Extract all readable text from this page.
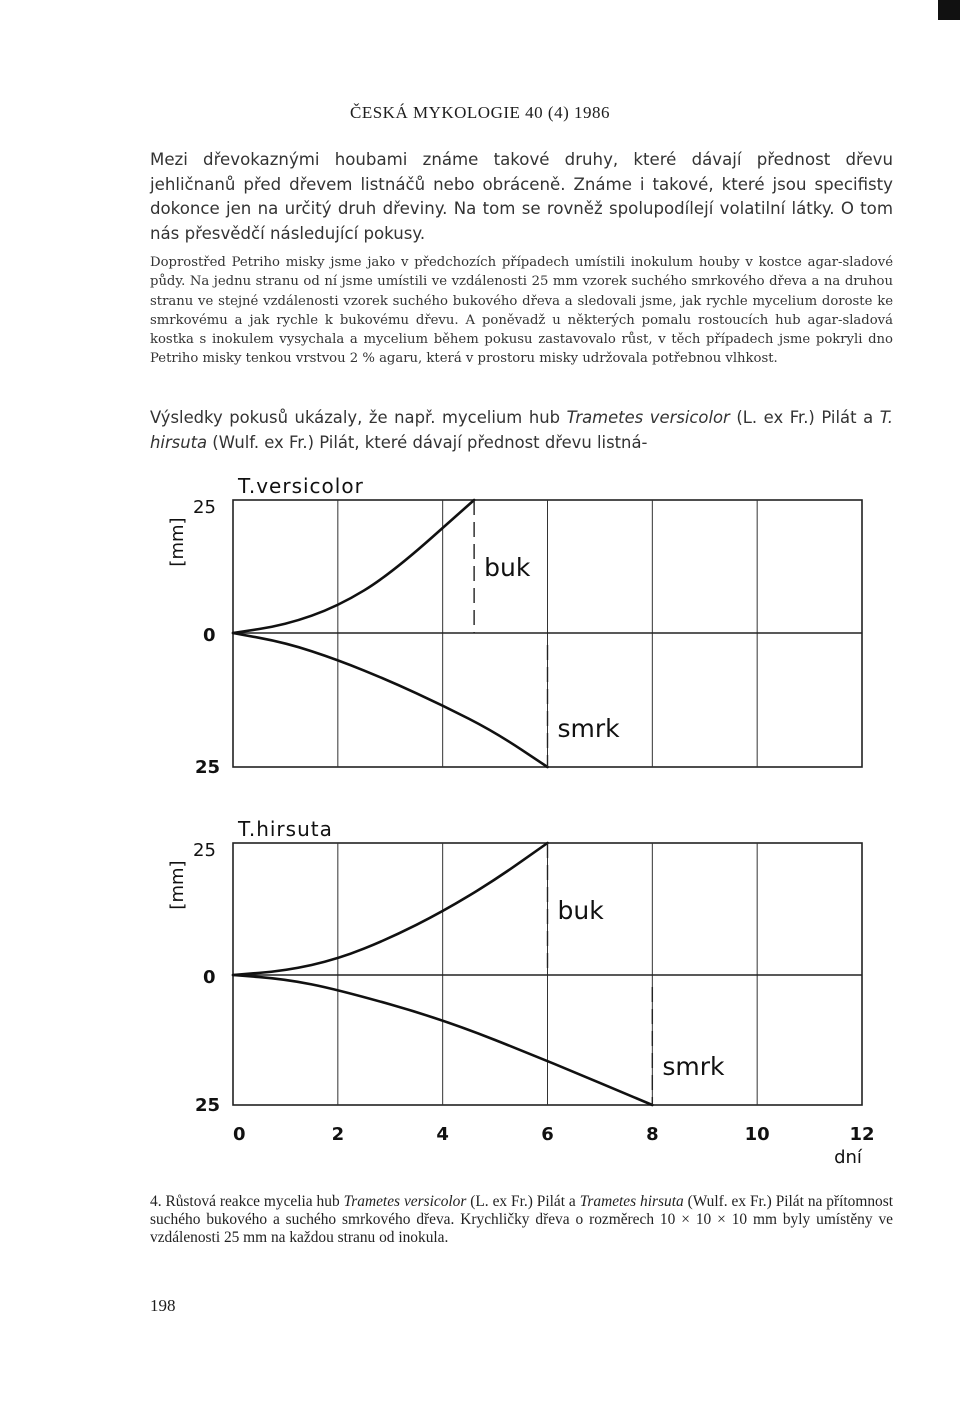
ČESKÁ MYKOLOGIE 40 (4) 1986

Mezi dřevokaznými houbami známe takové druhy, které dávají přednost dřevu jehličnanů před dřevem listnáčů nebo obráceně. Známe i takové, které jsou specifisty dokonce jen na určitý druh dřeviny. Na tom se rovněž spolupodílejí volatilní látky. O tom nás přesvědčí následující pokusy.

Doprostřed Petriho misky jsme jako v předchozích případech umístili inokulum houby v kostce agar-sladové půdy. Na jednu stranu od ní jsme umístili ve vzdálenosti 25 mm vzorek suchého smrkového dřeva a na druhou stranu ve stejné vzdálenosti vzorek suchého bukového dřeva a sledovali jsme, jak rychle mycelium doroste ke smrkovému a jak rychle k bukovému dřevu. A poněvadž u některých pomalu rostoucích hub agar-sladová kostka s inokulem vysychala a mycelium během pokusu zastavovalo růst, v těch případech jsme pokryli dno Petriho misky tenkou vrstvou 2 % agaru, která v prostoru misky udržovala potřebnou vlhkost.

Výsledky pokusů ukázaly, že např. mycelium hub Trametes versicolor (L. ex Fr.) Pilát a T. hirsuta (Wulf. ex Fr.) Pilát, které dávají přednost dřevu listná-

T.versicolor
25
0
25
[mm]
buk
smrk
T.hirsuta
25
0
25
[mm]
buk
smrk
0	2	4	6	8	10	12
dní

4. Růstová reakce mycelia hub Trametes versicolor (L. ex Fr.) Pilát a Trametes hirsuta (Wulf. ex Fr.) Pilát na přítomnost suchého bukového a suchého smrkového dřeva. Krychličky dřeva o rozměrech 10 × 10 × 10 mm byly umístěny ve vzdálenosti 25 mm na každou stranu od inokula.

198
